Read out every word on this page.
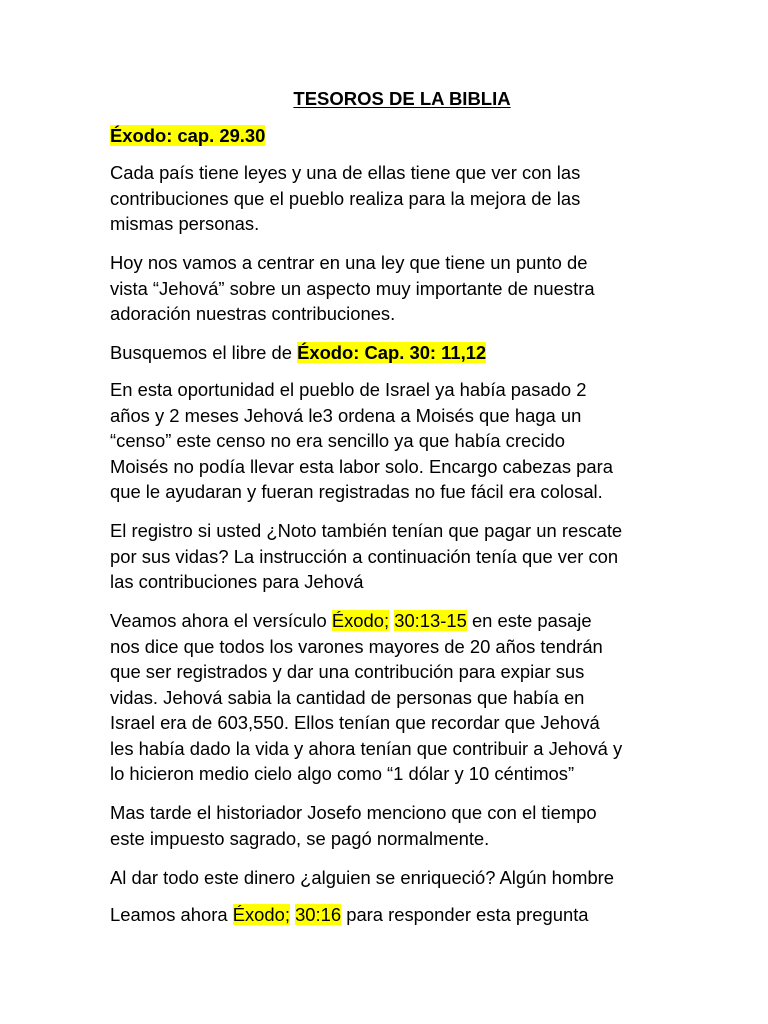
TESOROS DE LA BIBLIA
Éxodo: cap. 29.30
Cada país tiene leyes y una de ellas tiene que ver con las
contribuciones que el pueblo realiza para la mejora de las
mismas personas.
Hoy nos vamos a centrar en una ley que tiene un punto de
vista “Jehová” sobre un aspecto muy importante de nuestra
adoración nuestras contribuciones.
Busquemos el libre de Éxodo: Cap. 30: 11,12
En esta oportunidad el pueblo de Israel ya había pasado 2
años y 2 meses Jehová le3 ordena a Moisés que haga un
“censo” este censo no era sencillo ya que había crecido
Moisés no podía llevar esta labor solo. Encargo cabezas para
que le ayudaran y fueran registradas no fue fácil era colosal.
El registro si usted ¿Noto también tenían que pagar un rescate
por sus vidas? La instrucción a continuación tenía que ver con
las contribuciones para Jehová
Veamos ahora el versículo Éxodo; 30:13-15 en este pasaje
nos dice que todos los varones mayores de 20 años tendrán
que ser registrados y dar una contribución para expiar sus
vidas. Jehová sabia la cantidad de personas que había en
Israel era de 603,550. Ellos tenían que recordar que Jehová
les había dado la vida y ahora tenían que contribuir a Jehová y
lo hicieron medio cielo algo como “1 dólar y 10 céntimos”
Mas tarde el historiador Josefo menciono que con el tiempo
este impuesto sagrado, se pagó normalmente.
Al dar todo este dinero ¿alguien se enriqueció? Algún hombre
Leamos ahora Éxodo; 30:16 para responder esta pregunta
